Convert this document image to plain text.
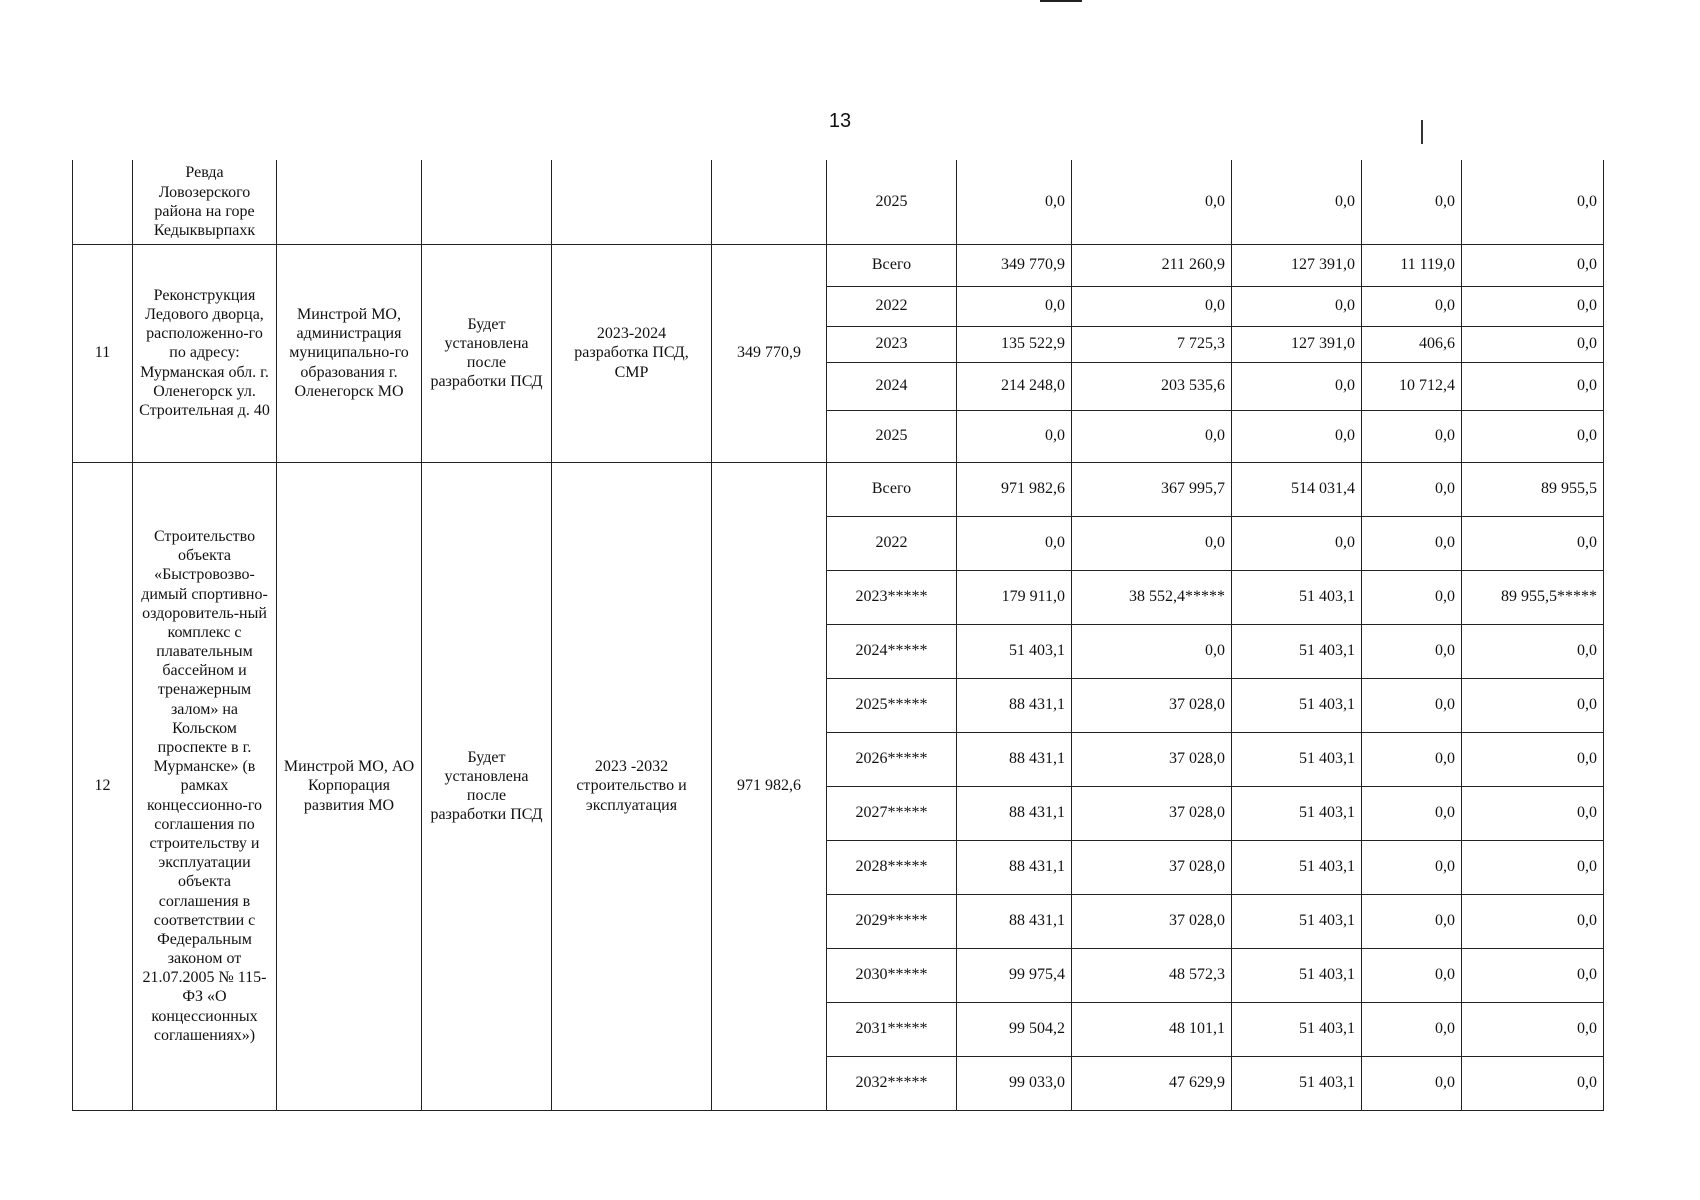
13
	Ревда Ловозерского района на горе Кедыквырпахк					2025	0,0	0,0	0,0	0,0	0,0
11	Реконструкция Ледового дворца, расположенно-го по адресу: Мурманская обл. г. Оленегорск ул. Строительная д. 40	Минстрой МО, администрация муниципально-го образования г. Оленегорск МО	Будет установлена после разработки ПСД	2023-2024 разработка ПСД, СМР	349 770,9	Всего	349 770,9	211 260,9	127 391,0	11 119,0	0,0
						2022	0,0	0,0	0,0	0,0	0,0
						2023	135 522,9	7 725,3	127 391,0	406,6	0,0
						2024	214 248,0	203 535,6	0,0	10 712,4	0,0
						2025	0,0	0,0	0,0	0,0	0,0
12	Строительство объекта «Быстровозво-димый спортивно-оздоровитель-ный комплекс с плавательным бассейном и тренажерным залом» на Кольском проспекте в г. Мурманске» (в рамках концессионно-го соглашения по строительству и эксплуатации объекта соглашения в соответствии с Федеральным законом от 21.07.2005 № 115-ФЗ «О концессионных соглашениях»)	Минстрой МО, АО Корпорация развития МО	Будет установлена после разработки ПСД	2023 -2032 строительство и эксплуатация	971 982,6	Всего	971 982,6	367 995,7	514 031,4	0,0	89 955,5
						2022	0,0	0,0	0,0	0,0	0,0
						2023*****	179 911,0	38 552,4*****	51 403,1	0,0	89 955,5*****
						2024*****	51 403,1	0,0	51 403,1	0,0	0,0
						2025*****	88 431,1	37 028,0	51 403,1	0,0	0,0
						2026*****	88 431,1	37 028,0	51 403,1	0,0	0,0
						2027*****	88 431,1	37 028,0	51 403,1	0,0	0,0
						2028*****	88 431,1	37 028,0	51 403,1	0,0	0,0
						2029*****	88 431,1	37 028,0	51 403,1	0,0	0,0
						2030*****	99 975,4	48 572,3	51 403,1	0,0	0,0
						2031*****	99 504,2	48 101,1	51 403,1	0,0	0,0
						2032*****	99 033,0	47 629,9	51 403,1	0,0	0,0
